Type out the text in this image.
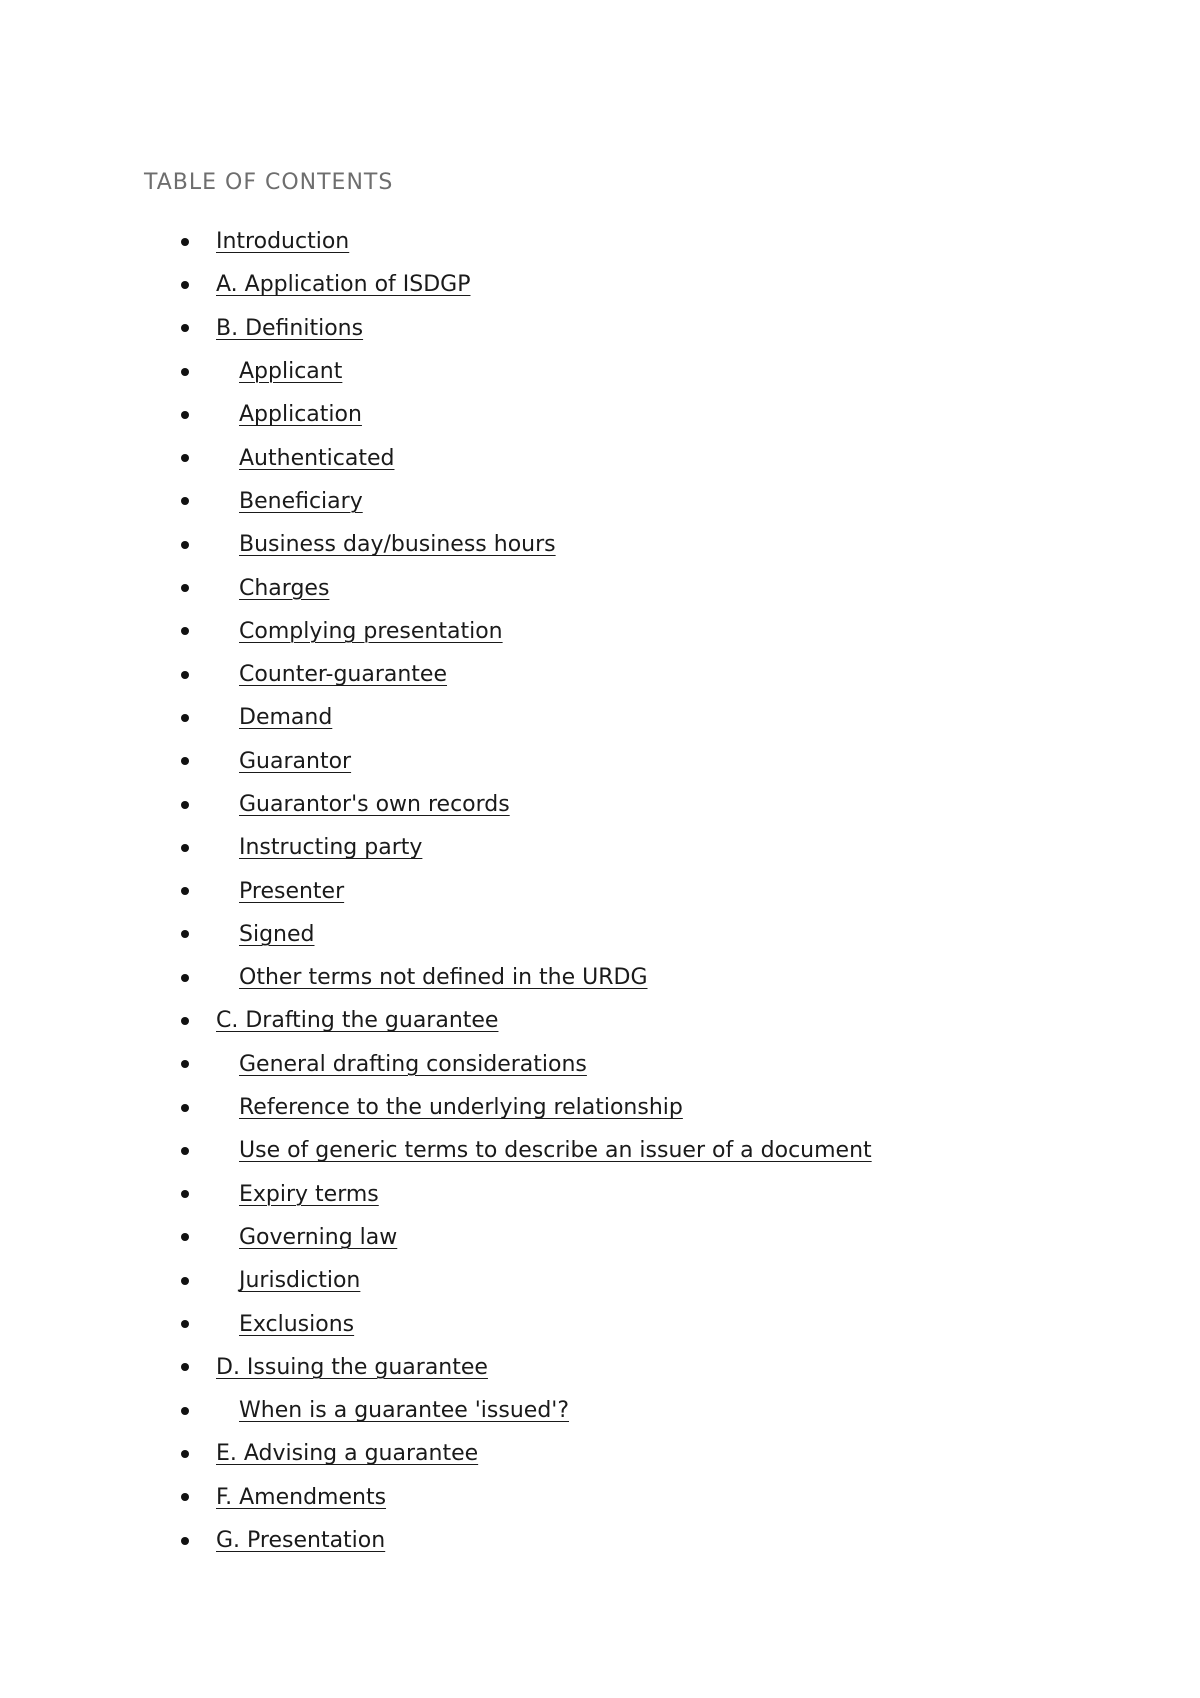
TABLE OF CONTENTS
Introduction
A. Application of ISDGP
B. Definitions
Applicant
Application
Authenticated
Beneficiary
Business day/business hours
Charges
Complying presentation
Counter-guarantee
Demand
Guarantor
Guarantor's own records
Instructing party
Presenter
Signed
Other terms not defined in the URDG
C. Drafting the guarantee
General drafting considerations
Reference to the underlying relationship
Use of generic terms to describe an issuer of a document
Expiry terms
Governing law
Jurisdiction
Exclusions
D. Issuing the guarantee
When is a guarantee 'issued'?
E. Advising a guarantee
F. Amendments
G. Presentation
